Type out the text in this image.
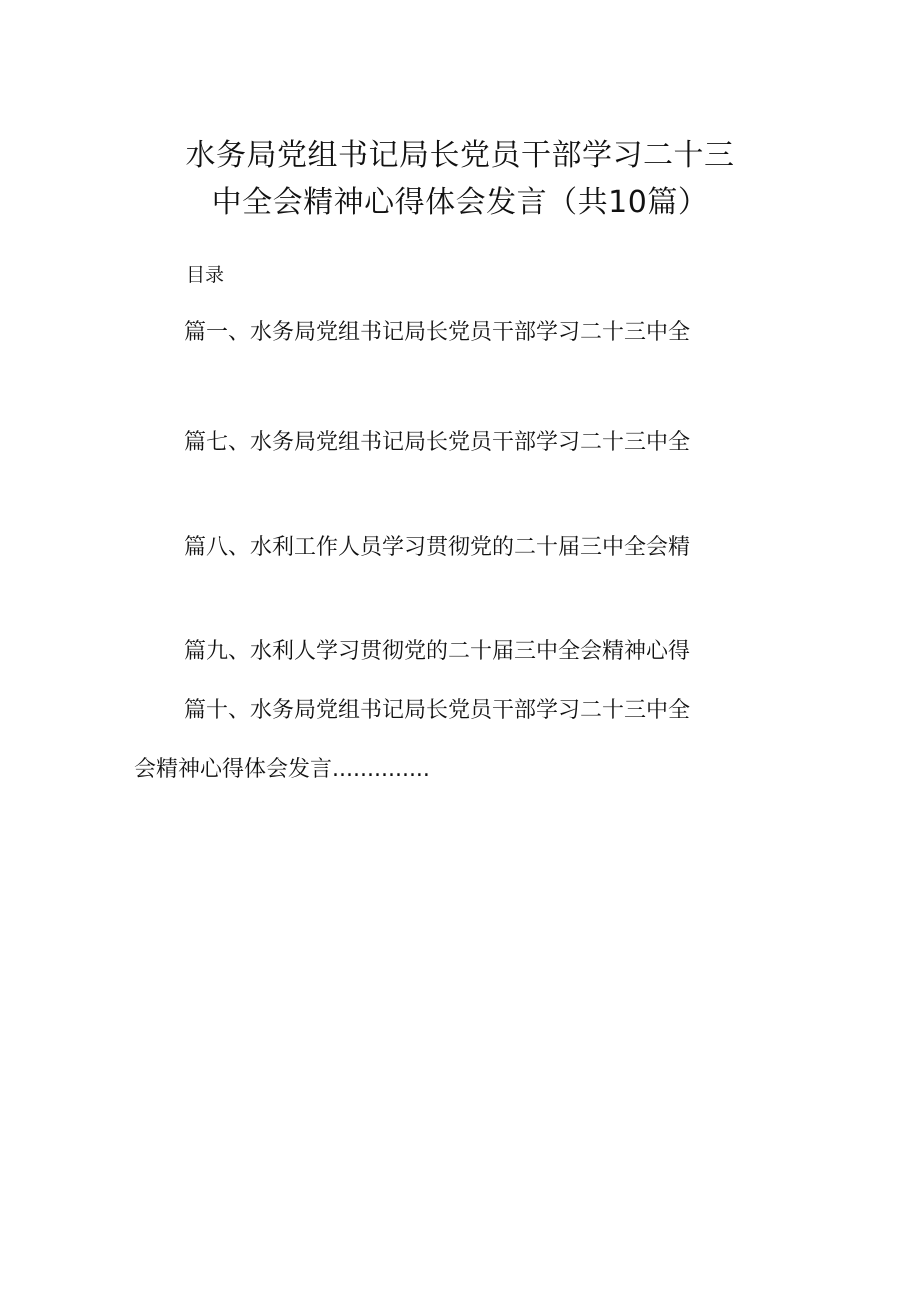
水务局党组书记局长党员干部学习二十三
中全会精神心得体会发言（共10篇）
目录
篇一、水务局党组书记局长党员干部学习二十三中全
篇七、水务局党组书记局长党员干部学习二十三中全
篇八、水利工作人员学习贯彻党的二十届三中全会精
篇九、水利人学习贯彻党的二十届三中全会精神心得
篇十、水务局党组书记局长党员干部学习二十三中全
会精神心得体会发言..............
